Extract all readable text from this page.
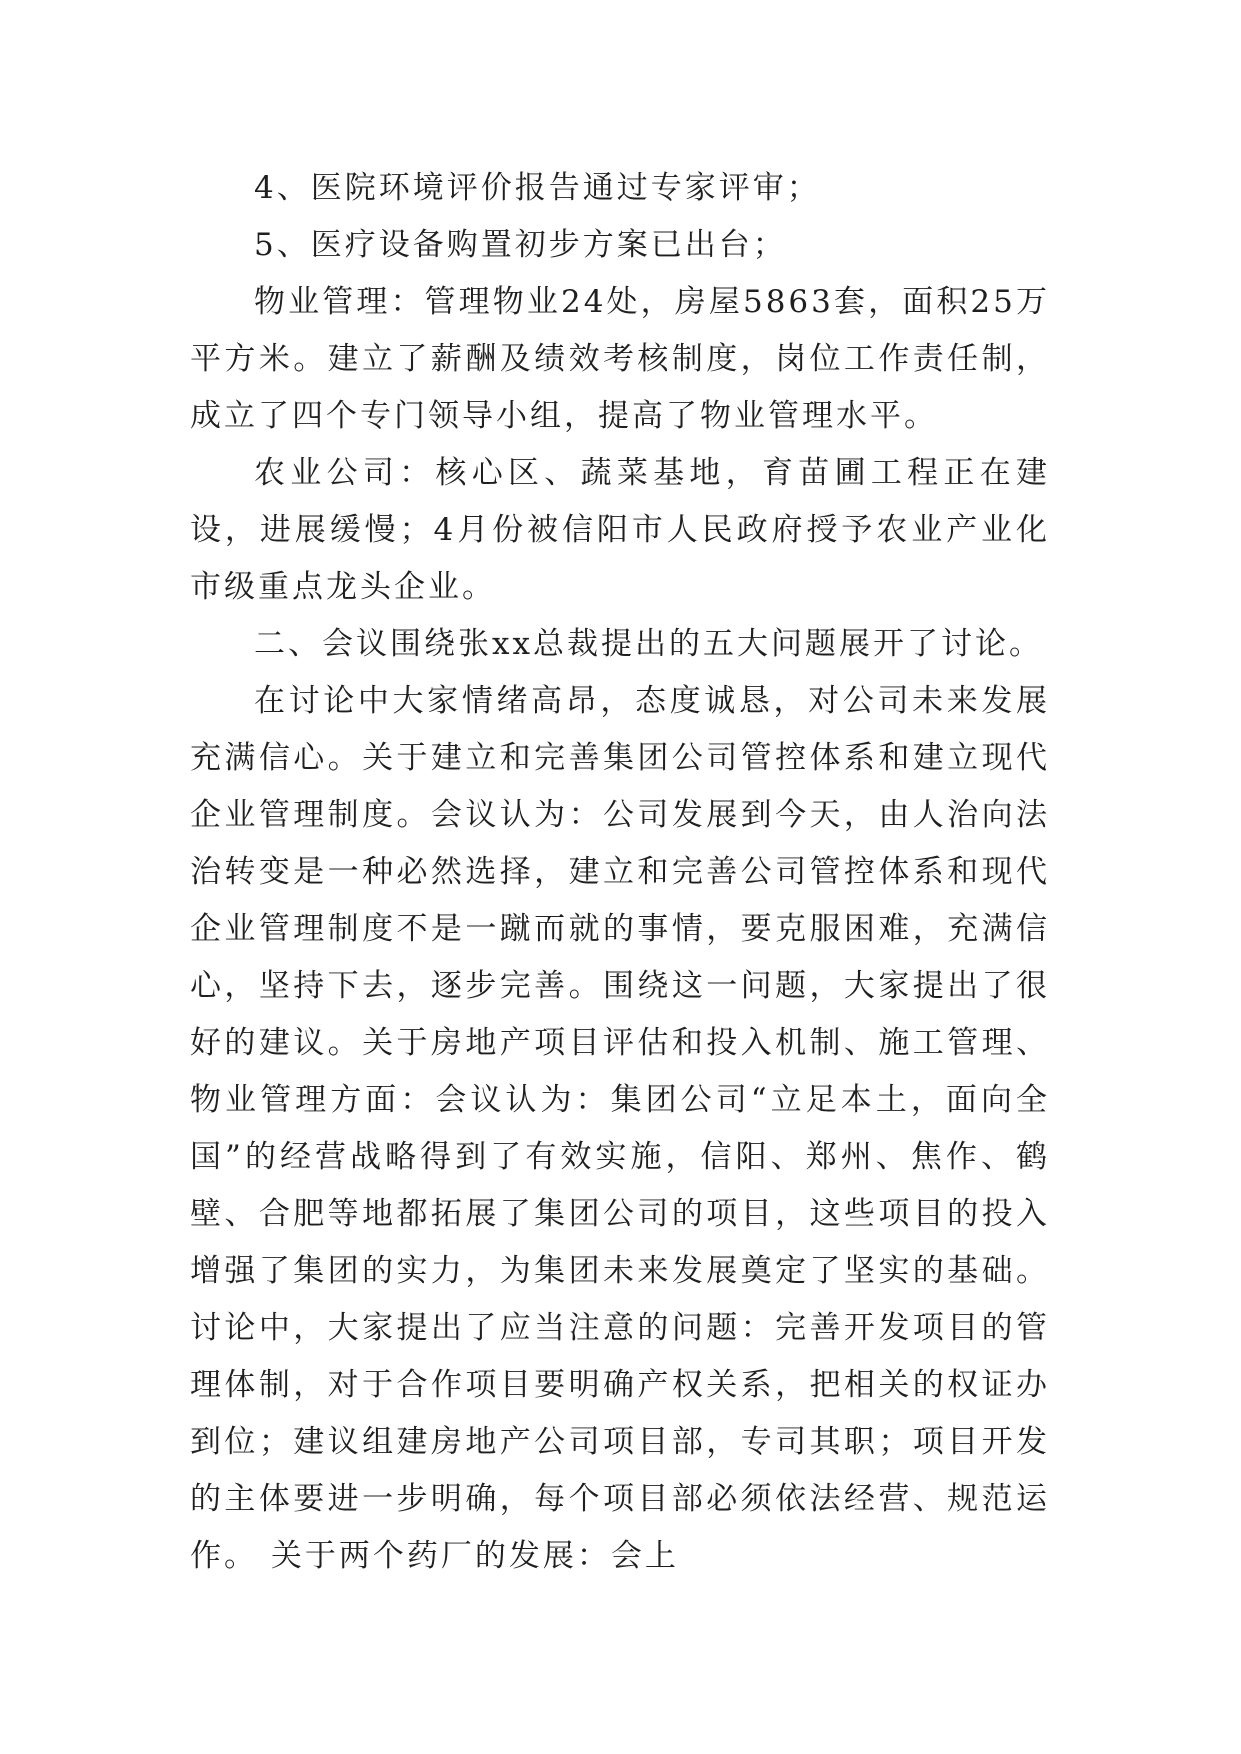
4、医院环境评价报告通过专家评审；

5、医疗设备购置初步方案已出台；

物业管理：管理物业24处，房屋5863套，面积25万平方米。建立了薪酬及绩效考核制度，岗位工作责任制，成立了四个专门领导小组，提高了物业管理水平。

农业公司：核心区、蔬菜基地，育苗圃工程正在建设，进展缓慢；4月份被信阳市人民政府授予农业产业化市级重点龙头企业。

二、会议围绕张xx总裁提出的五大问题展开了讨论。

在讨论中大家情绪高昂，态度诚恳，对公司未来发展充满信心。关于建立和完善集团公司管控体系和建立现代企业管理制度。会议认为：公司发展到今天，由人治向法治转变是一种必然选择，建立和完善公司管控体系和现代企业管理制度不是一蹴而就的事情，要克服困难，充满信心，坚持下去，逐步完善。围绕这一问题，大家提出了很好的建议。关于房地产项目评估和投入机制、施工管理、物业管理方面：会议认为：集团公司“立足本土，面向全国”的经营战略得到了有效实施，信阳、郑州、焦作、鹤壁、合肥等地都拓展了集团公司的项目，这些项目的投入增强了集团的实力，为集团未来发展奠定了坚实的基础。讨论中，大家提出了应当注意的问题：完善开发项目的管理体制，对于合作项目要明确产权关系，把相关的权证办到位；建议组建房地产公司项目部，专司其职；项目开发的主体要进一步明确，每个项目部必须依法经营、规范运作。 关于两个药厂的发展：会上
